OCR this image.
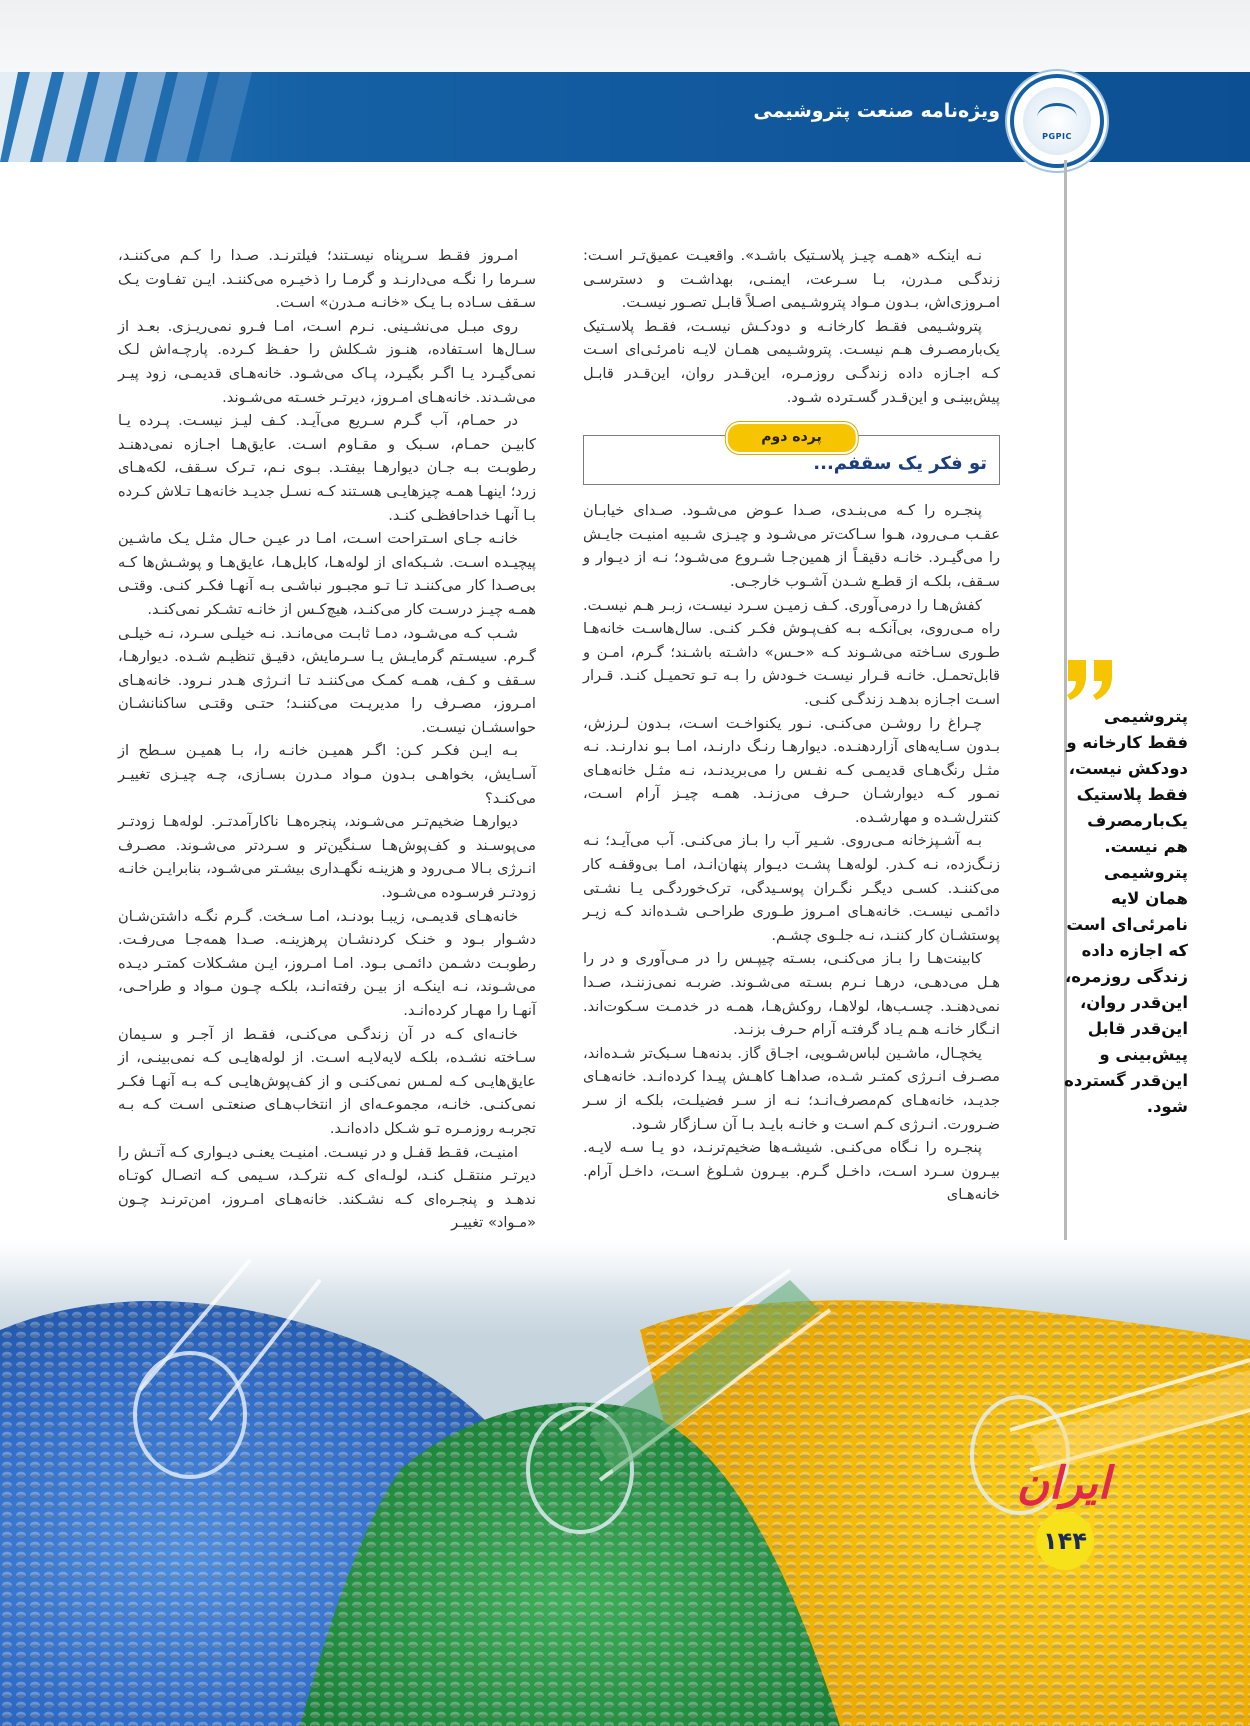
ویژه‌نامه صنعت پتروشیمی
PGPIC

نـه اینکـه «همـه چیـز پلاسـتیک باشـد». واقعیـت عمیق‌تـر اسـت: زندگـی مـدرن، بـا سـرعت، ایمنـی، بهداشـت و دسترسـی امـروزی‌اش، بـدون مـواد پتروشـیمی اصـلاً قابـل تصـور نیسـت.

پتروشـیمی فقـط کارخانـه و دودکـش نیسـت، فقـط پلاسـتیک یک‌بارمصـرف هـم نیسـت. پتروشـیمی همـان لایـه نامرئـی‌ای اسـت کـه اجـازه داده زندگـی روزمـره، این‌قـدر روان، این‌قـدر قابـل پیش‌بینـی و این‌قـدر گسـترده شـود.

پرده دوم
تو فکر یک سقفم...

پنجـره را کـه می‌بنـدی، صـدا عـوض می‌شـود. صـدای خیابـان عقـب مـی‌رود، هـوا سـاکت‌تر می‌شـود و چیـزی شـبیه امنیـت جایـش را می‌گیـرد. خانـه دقیقـاً از همین‌جـا شـروع می‌شـود؛ نـه از دیـوار و سـقف، بلکـه از قطـع شـدن آشـوب خارجـی.

کفش‌هـا را درمی‌آوری. کـف زمیـن سـرد نیسـت، زبـر هـم نیسـت. راه مـی‌روی، بی‌آنکـه بـه کف‌پـوش فکـر کنـی. سال‌هاسـت خانه‌هـا طـوری سـاخته می‌شـوند کـه «حـس» داشـته باشـند؛ گـرم، امـن و قابل‌تحمـل. خانـه قـرار نیسـت خـودش را بـه تـو تحمیـل کنـد. قـرار اسـت اجـازه بدهـد زندگـی کنـی.

چـراغ را روشـن می‌کنـی. نـور یکنواخـت اسـت، بـدون لـرزش، بـدون سـایه‌های آزاردهنـده. دیوارهـا رنـگ دارنـد، امـا بـو ندارنـد. نـه مثـل رنگ‌هـای قدیمـی کـه نفـس را می‌بریدنـد، نـه مثـل خانه‌هـای نمـور کـه دیوارشـان حـرف می‌زنـد. همـه چیـز آرام اسـت، کنترل‌شـده و مهارشـده.

بـه آشـپزخانه مـی‌روی. شـیر آب را بـاز می‌کنـی. آب می‌آیـد؛ نـه زنـگ‌زده، نـه کـدر. لوله‌هـا پشـت دیـوار پنهان‌انـد، امـا بی‌وقفـه کار می‌کننـد. کسـی دیگـر نگـران پوسـیدگی، ترک‌خوردگـی یـا نشـتی دائمـی نیسـت. خانه‌هـای امـروز طـوری طراحـی شـده‌اند کـه زیـر پوستشـان کار کننـد، نـه جلـوی چشـم.

کابینت‌هـا را بـاز می‌کنـی، بسـته چیپـس را در مـی‌آوری و در را هـل می‌دهـی، درهـا نـرم بسـته می‌شـوند. ضربـه نمی‌زننـد، صـدا نمی‌دهنـد. چسـب‌ها، لولاهـا، روکش‌هـا، همـه در خدمـت سـکوت‌اند. انـگار خانـه هـم یـاد گرفتـه آرام حـرف بزنـد.

یخچـال، ماشـین لباس‌شـویی، اجـاق گاز. بدنه‌هـا سـبک‌تر شـده‌اند، مصـرف انـرژی کمتـر شـده، صداهـا کاهـش پیـدا کرده‌انـد. خانه‌هـای جدیـد، خانه‌هـای کم‌مصرف‌انـد؛ نـه از سـر فضیلـت، بلکـه از سـر ضـرورت. انـرژی کـم اسـت و خانـه بایـد بـا آن سـازگار شـود.

پنجـره را نـگاه می‌کنـی. شیشـه‌ها ضخیم‌ترنـد، دو یـا سـه لایـه. بیـرون سـرد اسـت، داخـل گـرم. بیـرون شـلوغ اسـت، داخـل آرام. خانه‌هـای

امـروز فقـط سـرپناه نیسـتند؛ فیلترنـد. صـدا را کـم می‌کننـد، سـرما را نگـه می‌دارنـد و گرمـا را ذخیـره می‌کننـد. ایـن تفـاوت یـک سـقف سـاده بـا یـک «خانـه مـدرن» اسـت.

روی مبـل می‌نشـینی. نـرم اسـت، امـا فـرو نمی‌ریـزی. بعـد از سـال‌ها اسـتفاده، هنـوز شـکلش را حفـظ کـرده. پارچـه‌اش لـک نمی‌گیـرد یـا اگـر بگیـرد، پـاک می‌شـود. خانه‌هـای قدیمـی، زود پیـر می‌شـدند. خانه‌هـای امـروز، دیرتـر خسـته می‌شـوند.

در حمـام، آب گـرم سـریع می‌آیـد. کـف لیـز نیسـت. پـرده یـا کابیـن حمـام، سـبک و مقـاوم اسـت. عایق‌هـا اجـازه نمی‌دهنـد رطوبـت بـه جـان دیوارهـا بیفتـد. بـوی نـم، تـرک سـقف، لکه‌هـای زرد؛ اینهـا همـه چیزهایـی هسـتند کـه نسـل جدیـد خانه‌هـا تـلاش کـرده بـا آنهـا خداحافظـی کنـد.

خانـه جـای اسـتراحت اسـت، امـا در عیـن حـال مثـل یـک ماشـین پیچیـده اسـت. شـبکه‌ای از لوله‌هـا، کابل‌هـا، عایق‌هـا و پوشـش‌ها کـه بی‌صـدا کار می‌کننـد تـا تـو مجبـور نباشـی بـه آنهـا فکـر کنـی. وقتـی همـه چیـز درسـت کار می‌کنـد، هیچ‌کـس از خانـه تشـکر نمی‌کنـد.

شـب کـه می‌شـود، دمـا ثابـت می‌مانـد. نـه خیلـی سـرد، نـه خیلـی گـرم. سیسـتم گرمایـش یـا سـرمایش، دقیـق تنظیـم شـده. دیوارهـا، سـقف و کـف، همـه کمـک می‌کننـد تـا انـرژی هـدر نـرود. خانه‌هـای امـروز، مصـرف را مدیریـت می‌کننـد؛ حتـی وقتـی ساکنانشـان حواسشـان نیسـت.

بـه ایـن فکـر کـن: اگـر همیـن خانـه را، بـا همیـن سـطح از آسـایش، بخواهـی بـدون مـواد مـدرن بسـازی، چـه چیـزی تغییـر می‌کنـد؟

دیوارهـا ضخیم‌تـر می‌شـوند، پنجره‌هـا ناکارآمدتـر. لوله‌هـا زودتـر می‌پوسـند و کف‌پوش‌هـا سـنگین‌تر و سـردتر می‌شـوند. مصـرف انـرژی بـالا مـی‌رود و هزینـه نگهـداری بیشـتر می‌شـود، بنابرایـن خانـه زودتـر فرسـوده می‌شـود.

خانه‌هـای قدیمـی، زیبـا بودنـد، امـا سـخت. گـرم نگـه داشتن‌شـان دشـوار بـود و خنـک کردنشـان پرهزینـه. صـدا همه‌جـا می‌رفـت. رطوبـت دشـمن دائمـی بـود. امـا امـروز، ایـن مشـکلات کمتـر دیـده می‌شـوند، نـه اینکـه از بیـن رفته‌انـد، بلکـه چـون مـواد و طراحـی، آنهـا را مهـار کرده‌انـد.

خانـه‌ای کـه در آن زندگـی می‌کنـی، فقـط از آجـر و سـیمان سـاخته نشـده، بلکـه لایه‌لایـه اسـت. از لوله‌هایـی کـه نمی‌بینـی، از عایق‌هایـی کـه لمـس نمی‌کنـی و از کف‌پوش‌هایـی کـه بـه آنهـا فکـر نمی‌کنـی. خانـه، مجموعـه‌ای از انتخاب‌هـای صنعتـی اسـت کـه بـه تجربـه روزمـره تـو شـکل داده‌انـد.

امنیـت، فقـط قفـل و در نیسـت. امنیـت یعنـی دیـواری کـه آتـش را دیرتـر منتقـل کنـد، لولـه‌ای کـه نترکـد، سـیمی کـه اتصـال کوتـاه ندهـد و پنجـره‌ای کـه نشـکند. خانه‌هـای امـروز، امن‌ترنـد چـون «مـواد» تغییـر

پتروشیمی فقط کارخانه و دودکش نیست، فقط پلاستیک یک‌بارمصرف هم نیست. پتروشیمی همان لایه نامرئی‌ای است که اجازه داده زندگی روزمره، این‌قدر روان، این‌قدر قابل پیش‌بینی و این‌قدر گسترده شود.
ایران
۱۴۴
